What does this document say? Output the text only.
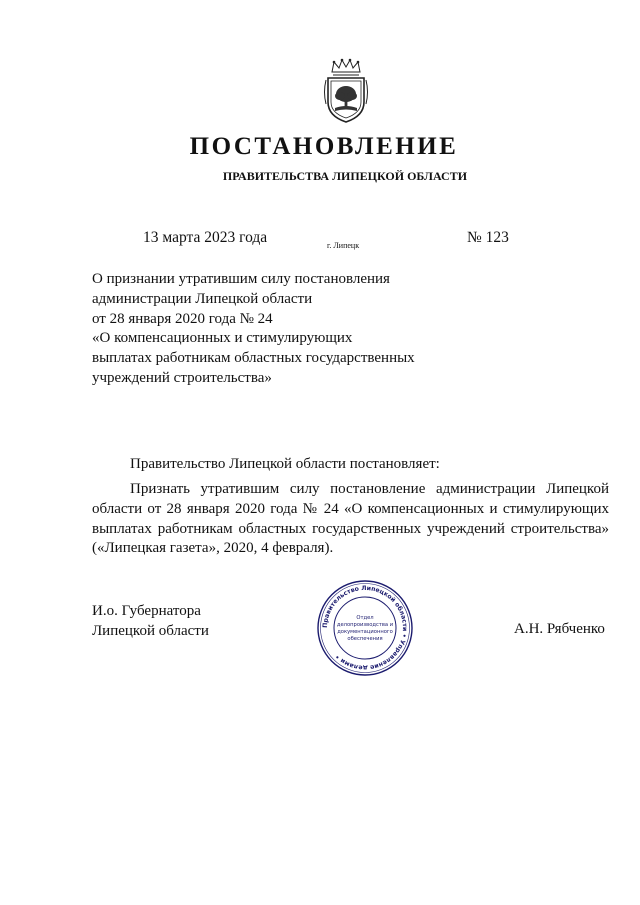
ПОСТАНОВЛЕНИЕ
ПРАВИТЕЛЬСТВА ЛИПЕЦКОЙ ОБЛАСТИ
13 марта 2023 года	г. Липецк	№ 123
О признании утратившим силу постановления
администрации Липецкой области
от 28 января 2020 года № 24
«О компенсационных и стимулирующих
выплатах работникам областных государственных
учреждений строительства»
Правительство Липецкой области постановляет:
Признать утратившим силу постановление администрации Липецкой области от 28 января 2020 года № 24 «О компенсационных и стимулирующих выплатах работникам областных государственных учреждений строительства» («Липецкая газета», 2020, 4 февраля).
И.о. Губернатора
Липецкой области	А.Н. Рябченко
Правительство Липецкой области • Управление делами •
Отдел
делопроизводства и
документационного
обеспечения
